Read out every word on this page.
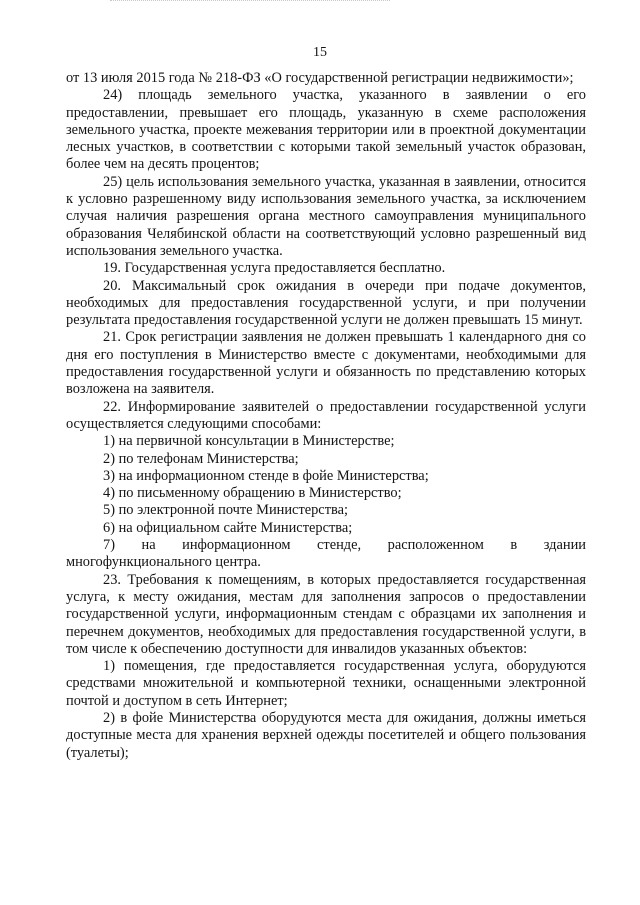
15

от 13 июля 2015 года № 218-ФЗ «О государственной регистрации недвижимости»;

24) площадь земельного участка, указанного в заявлении о его предоставлении, превышает его площадь, указанную в схеме расположения земельного участка, проекте межевания территории или в проектной документации лесных участков, в соответствии с которыми такой земельный участок образован, более чем на десять процентов;

25) цель использования земельного участка, указанная в заявлении, относится к условно разрешенному виду использования земельного участка, за исключением случая наличия разрешения органа местного самоуправления муниципального образования Челябинской области на соответствующий условно разрешенный вид использования земельного участка.

19. Государственная услуга предоставляется бесплатно.

20. Максимальный срок ожидания в очереди при подаче документов, необходимых для предоставления государственной услуги, и при получении результата предоставления государственной услуги не должен превышать 15 минут.

21. Срок регистрации заявления не должен превышать 1 календарного дня со дня его поступления в Министерство вместе с документами, необходимыми для предоставления государственной услуги и обязанность по представлению которых возложена на заявителя.

22. Информирование заявителей о предоставлении государственной услуги осуществляется следующими способами:

1) на первичной консультации в Министерстве;

2) по телефонам Министерства;

3) на информационном стенде в фойе Министерства;

4) по письменному обращению в Министерство;

5) по электронной почте Министерства;

6) на официальном сайте Министерства;

7) на информационном стенде, расположенном в здании

многофункционального центра.

23. Требования к помещениям, в которых предоставляется государственная услуга, к месту ожидания, местам для заполнения запросов о предоставлении государственной услуги, информационным стендам с образцами их заполнения и перечнем документов, необходимых для предоставления государственной услуги, в том числе к обеспечению доступности для инвалидов указанных объектов:

1) помещения, где предоставляется государственная услуга, оборудуются средствами множительной и компьютерной техники, оснащенными электронной почтой и доступом в сеть Интернет;

2) в фойе Министерства оборудуются места для ожидания, должны иметься доступные места для хранения верхней одежды посетителей и общего пользования (туалеты);
